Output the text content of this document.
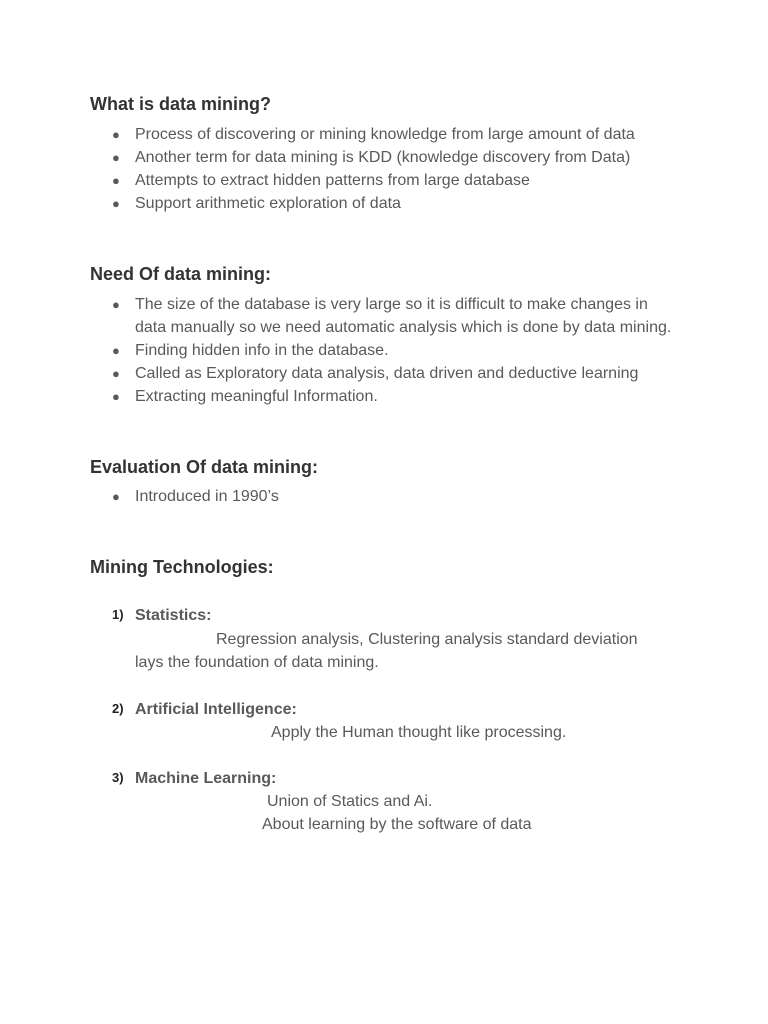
What is data mining?
● Process of discovering or mining knowledge from large amount of data
● Another term for data mining is KDD (knowledge discovery from Data)
● Attempts to extract hidden patterns from large database
● Support arithmetic exploration of data
Need Of data mining:
● The size of the database is very large so it is difficult to make changes in data manually so we need automatic analysis which is done by data mining.
● Finding hidden info in the database.
● Called as Exploratory data analysis, data driven and deductive learning
● Extracting meaningful Information.
Evaluation Of data mining:
● Introduced in 1990’s
Mining Technologies:
1) Statistics:
Regression analysis, Clustering analysis standard deviation
lays the foundation of data mining.
2) Artificial Intelligence:
Apply the Human thought like processing.
3) Machine Learning:
Union of Statics and Ai.
About learning by the software of data
